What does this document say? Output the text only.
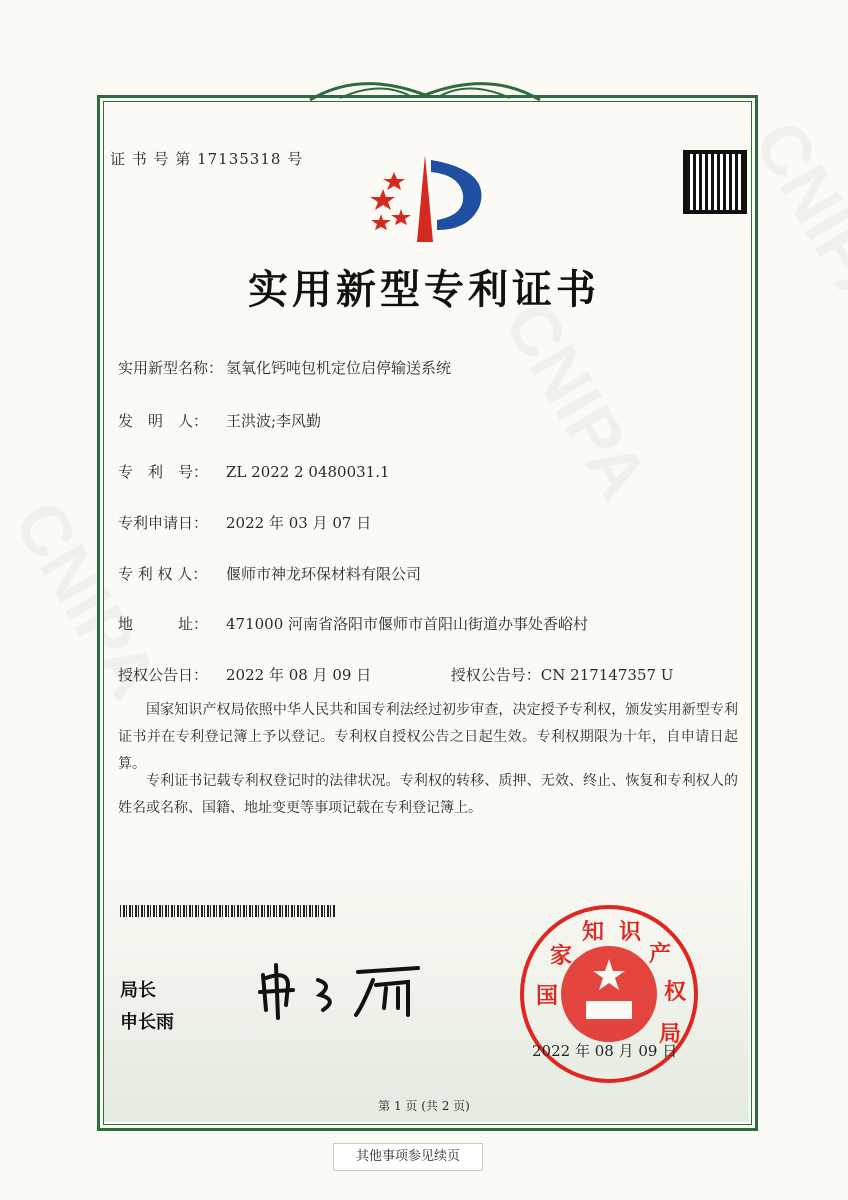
证 书 号 第 17135318 号
实用新型专利证书
实用新型名称： 氢氧化钙吨包机定位启停输送系统
发　明　人： 王洪波;李风勤
专　利　号： ZL 2022 2 0480031.1
专利申请日： 2022 年 03 月 07 日
专 利 权 人： 偃师市神龙环保材料有限公司
地　　　址： 471000 河南省洛阳市偃师市首阳山街道办事处香峪村
授权公告日： 2022 年 08 月 09 日	授权公告号：CN 217147357 U
国家知识产权局依照中华人民共和国专利法经过初步审查，决定授予专利权，颁发实用新型专利证书并在专利登记簿上予以登记。专利权自授权公告之日起生效。专利权期限为十年，自申请日起算。
专利证书记载专利权登记时的法律状况。专利权的转移、质押、无效、终止、恢复和专利权人的姓名或名称、国籍、地址变更等事项记载在专利登记簿上。
局长
申长雨
国
家
知 识
产
权
局
2022 年 08 月 09 日
第 1 页 (共 2 页)
其他事项参见续页
